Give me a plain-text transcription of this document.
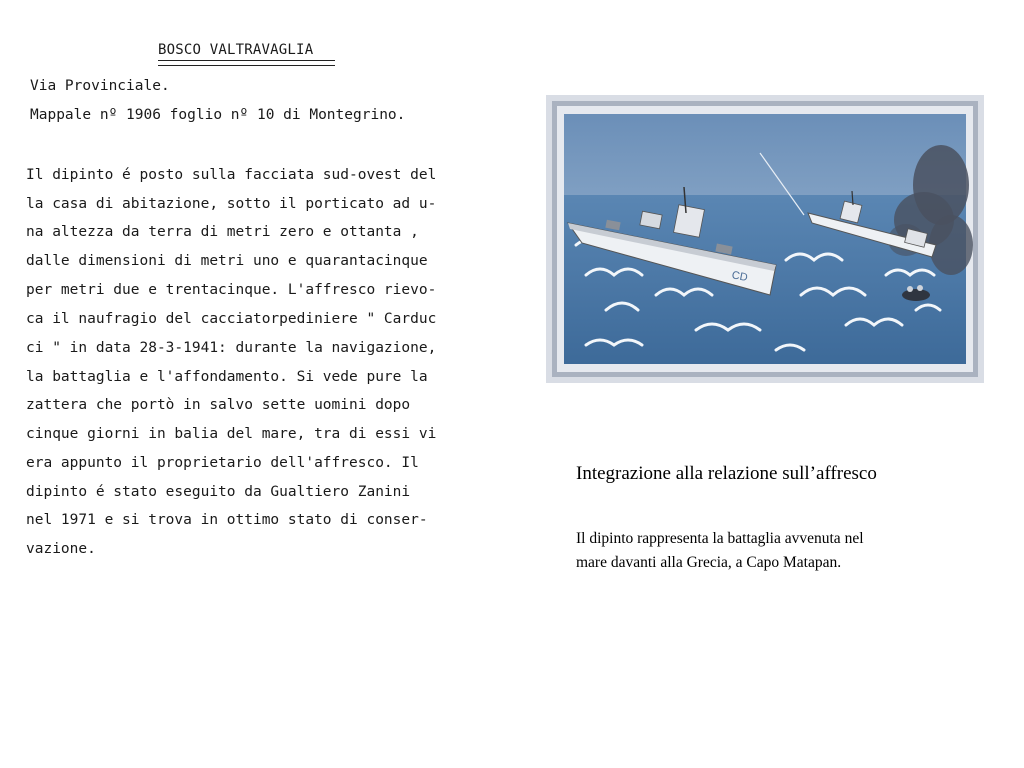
BOSCO VALTRAVAGLIA
Via Provinciale.
Mappale nº 1906 foglio nº 10 di Montegrino.
Il dipinto é posto sulla facciata sud-ovest del
la casa di abitazione, sotto il porticato ad u-
na altezza da terra di metri zero e ottanta ,
dalle dimensioni di metri uno e quarantacinque
per metri due e trentacinque. L'affresco rievo-
ca il naufragio del cacciatorpediniere " Carduc
ci " in data 28-3-1941: durante la navigazione,
la battaglia e l'affondamento. Si vede pure la
zattera che portò in salvo sette uomini dopo
cinque giorni in balia del mare, tra di essi vi
era appunto il proprietario dell'affresco. Il
dipinto é stato eseguito da Gualtiero Zanini
nel 1971 e si trova in ottimo stato di conser-
vazione.
CD
Integrazione alla relazione sull’affresco
Il dipinto rappresenta la battaglia avvenuta nel
mare davanti alla Grecia, a Capo Matapan.
